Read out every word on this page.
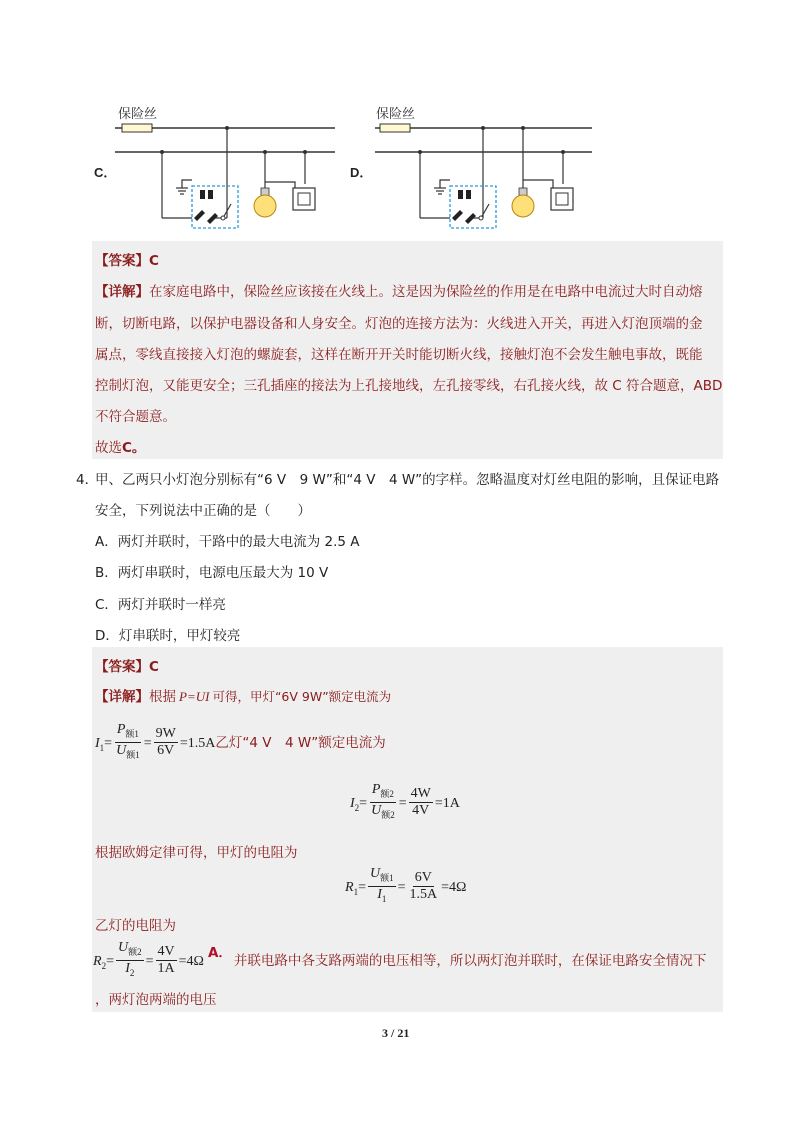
C．	D．
保险丝	保险丝
【答案】C
【详解】在家庭电路中，保险丝应该接在火线上。这是因为保险丝的作用是在电路中电流过大时自动熔
断，切断电路，以保护电器设备和人身安全。灯泡的连接方法为：火线进入开关，再进入灯泡顶端的金
属点，零线直接接入灯泡的螺旋套，这样在断开开关时能切断火线，接触灯泡不会发生触电事故，既能
控制灯泡，又能更安全；三孔插座的接法为上孔接地线，左孔接零线，右孔接火线，故 C 符合题意，ABD
不符合题意。
故选C。
4．
甲、乙两只小灯泡分别标有“6 V　9 W”和“4 V　4 W”的字样。忽略温度对灯丝电阻的影响，且保证电路
安全，下列说法中正确的是（　　）
A．两灯并联时，干路中的最大电流为 2.5 A
B．两灯串联时，电源电压最大为 10 V
C．两灯并联时一样亮
D．灯串联时，甲灯较亮
【答案】C
【详解】根据 P=UI 可得，甲灯“6V 9W”额定电流为
$I_1= \frac{P_{额1}}{U_{额1}} = \frac{9W}{6V} =1.5A$乙灯“4 V　4 W”额定电流为
$I_2= \frac{P_{额2}}{U_{额2}} = \frac{4W}{4V} =1A$
根据欧姆定律可得，甲灯的电阻为
$R_1= \frac{U_{额1}}{I_1} = \frac{6V}{1.5A} =4\Omega$
乙灯的电阻为
$R_2= \frac{U_{额2}}{I_2} = \frac{4V}{1A} =4\Omega^{A.}$ 并联电路中各支路两端的电压相等，所以两灯泡并联时，在保证电路安全情况下
，两灯泡两端的电压
3 / 21
